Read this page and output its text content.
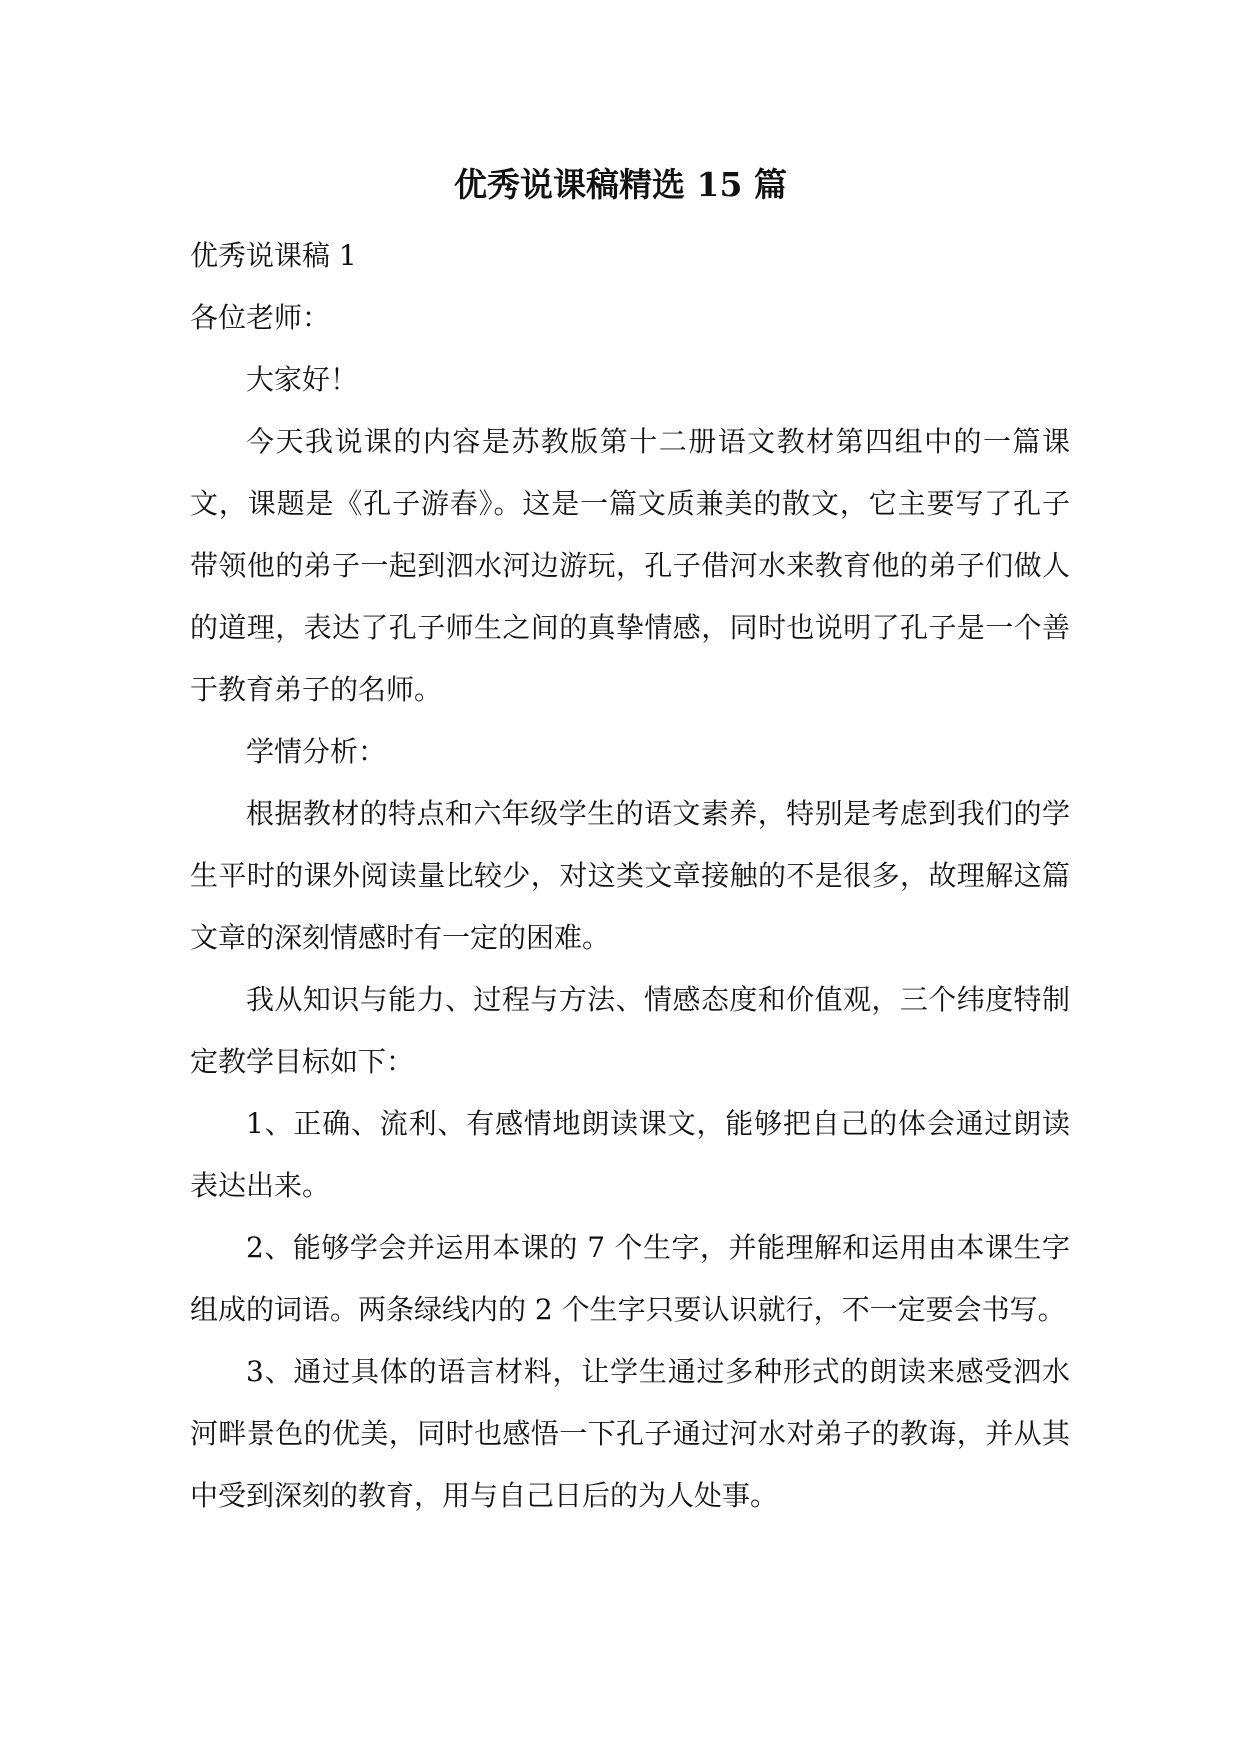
优秀说课稿精选 15 篇

优秀说课稿 1

各位老师：

大家好！

今天我说课的内容是苏教版第十二册语文教材第四组中的一篇课文，课题是《孔子游春》。这是一篇文质兼美的散文，它主要写了孔子带领他的弟子一起到泗水河边游玩，孔子借河水来教育他的弟子们做人的道理，表达了孔子师生之间的真挚情感，同时也说明了孔子是一个善于教育弟子的名师。

学情分析：

根据教材的特点和六年级学生的语文素养，特别是考虑到我们的学生平时的课外阅读量比较少，对这类文章接触的不是很多，故理解这篇文章的深刻情感时有一定的困难。

我从知识与能力、过程与方法、情感态度和价值观，三个纬度特制定教学目标如下：

1、正确、流利、有感情地朗读课文，能够把自己的体会通过朗读表达出来。

2、能够学会并运用本课的 7 个生字，并能理解和运用由本课生字组成的词语。两条绿线内的 2 个生字只要认识就行，不一定要会书写。

3、通过具体的语言材料，让学生通过多种形式的朗读来感受泗水河畔景色的优美，同时也感悟一下孔子通过河水对弟子的教诲，并从其中受到深刻的教育，用与自己日后的为人处事。
